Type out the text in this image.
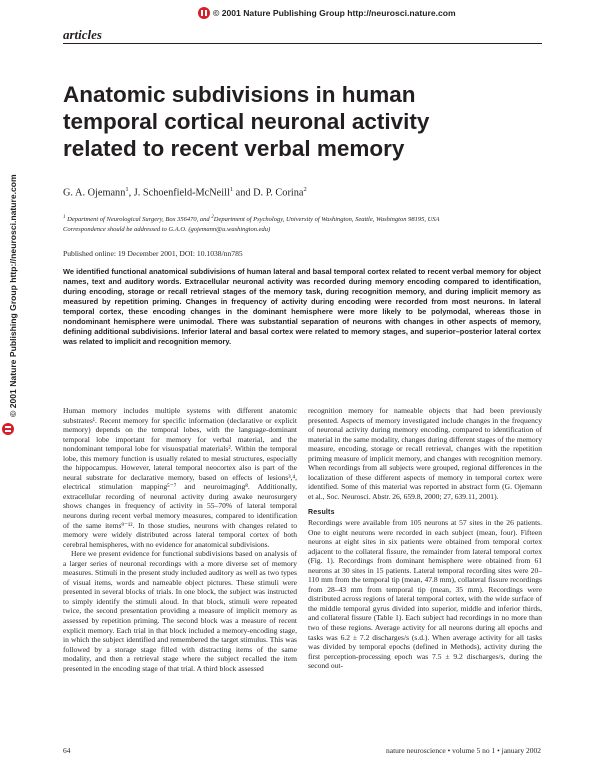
© 2001 Nature Publishing Group http://neurosci.nature.com
articles
© 2001 Nature Publishing Group http://neurosci.nature.com
Anatomic subdivisions in human temporal cortical neuronal activity related to recent verbal memory
G. A. Ojemann$^1$, J. Schoenfield-McNeill$^1$ and D. P. Corina$^2$
$^1$ Department of Neurological Surgery, Box 356470, and $^2$Department of Psychology, University of Washington, Seattle, Washington 98195, USA
Correspondence should be addressed to G.A.O. (gojemann@u.washington.edu)
Published online: 19 December 2001, DOI: 10.1038/nn785

We identified functional anatomical subdivisions of human lateral and basal temporal cortex related to recent verbal memory for object names, text and auditory words. Extracellular neuronal activity was recorded during memory encoding compared to identification, during encoding, storage or recall retrieval stages of the memory task, during recognition memory, and during implicit memory as measured by repetition priming. Changes in frequency of activity during encoding were recorded from most neurons. In lateral temporal cortex, these encoding changes in the dominant hemisphere were more likely to be polymodal, whereas those in nondominant hemisphere were unimodal. There was substantial separation of neurons with changes in other aspects of memory, defining additional subdivisions. Inferior lateral and basal cortex were related to memory stages, and superior–posterior lateral cortex was related to implicit and recognition memory.

Human memory includes multiple systems with different anatomic substrates¹. Recent memory for specific information (declarative or explicit memory) depends on the temporal lobes, with the language-dominant temporal lobe important for memory for verbal material, and the nondominant temporal lobe for visuospatial materials². Within the temporal lobe, this memory function is usually related to mesial structures, especially the hippocampus. However, lateral temporal neocortex also is part of the neural substrate for declarative memory, based on effects of lesions³,⁴, electrical stimulation mapping⁵⁻⁷ and neuroimaging⁸. Additionally, extracellular recording of neuronal activity during awake neurosurgery shows changes in frequency of activity in 55–70% of lateral temporal neurons during recent verbal memory measures, compared to identification of the same items⁹⁻¹². In those studies, neurons with changes related to memory were widely distributed across lateral temporal cortex of both cerebral hemispheres, with no evidence for anatomical subdivisions.

Here we present evidence for functional subdivisions based on analysis of a larger series of neuronal recordings with a more diverse set of memory measures. Stimuli in the present study included auditory as well as two types of visual items, words and nameable object pictures. These stimuli were presented in several blocks of trials. In one block, the subject was instructed to simply identify the stimuli aloud. In that block, stimuli were repeated twice, the second presentation providing a measure of implicit memory as assessed by repetition priming. The second block was a measure of recent explicit memory. Each trial in that block included a memory-encoding stage, in which the subject identified and remembered the target stimulus. This was followed by a storage stage filled with distracting items of the same modality, and then a retrieval stage where the subject recalled the item presented in the encoding stage of that trial. A third block assessed

recognition memory for nameable objects that had been previously presented. Aspects of memory investigated include changes in the frequency of neuronal activity during memory encoding, compared to identification of material in the same modality, changes during different stages of the memory measure, encoding, storage or recall retrieval, changes with the repetition priming measure of implicit memory, and changes with recognition memory. When recordings from all subjects were grouped, regional differences in the localization of these different aspects of memory in temporal cortex were identified. Some of this material was reported in abstract form (G. Ojemann et al., Soc. Neurosci. Abstr. 26, 659.8, 2000; 27, 639.11, 2001).

Results

Recordings were available from 105 neurons at 57 sites in the 26 patients. One to eight neurons were recorded in each subject (mean, four). Fifteen neurons at eight sites in six patients were obtained from temporal cortex adjacent to the collateral fissure, the remainder from lateral temporal cortex (Fig. 1). Recordings from dominant hemisphere were obtained from 61 neurons at 30 sites in 15 patients. Lateral temporal recording sites were 20–110 mm from the temporal tip (mean, 47.8 mm), collateral fissure recordings from 28–43 mm from temporal tip (mean, 35 mm). Recordings were distributed across regions of lateral temporal cortex, with the wide surface of the middle temporal gyrus divided into superior, middle and inferior thirds, and collateral fissure (Table 1). Each subject had recordings in no more than two of these regions. Average activity for all neurons during all epochs and tasks was 6.2 ± 7.2 discharges/s (s.d.). When average activity for all tasks was divided by temporal epochs (defined in Methods), activity during the first perception-processing epoch was 7.5 ± 9.2 discharges/s, during the second out-

64	nature neuroscience • volume 5 no 1 • january 2002
